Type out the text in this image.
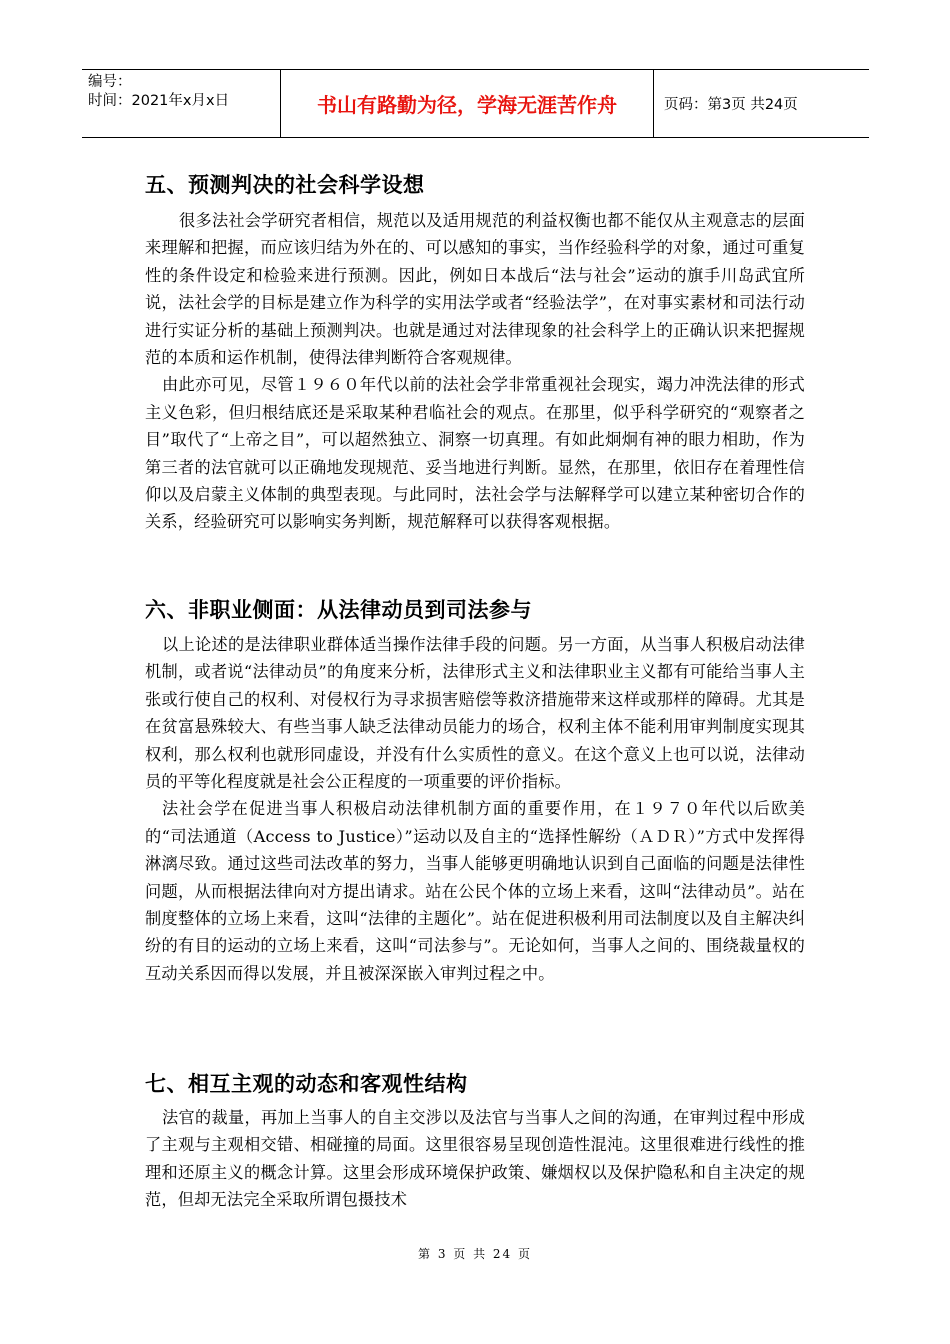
编号：
时间：2021年x月x日	书山有路勤为径，学海无涯苦作舟	页码：第3页 共24页
五、预测判决的社会科学设想

很多法社会学研究者相信，规范以及适用规范的利益权衡也都不能仅从主观意志的层面来理解和把握，而应该归结为外在的、可以感知的事实，当作经验科学的对象，通过可重复性的条件设定和检验来进行预测。因此，例如日本战后“法与社会”运动的旗手川岛武宜所说，法社会学的目标是建立作为科学的实用法学或者“经验法学”，在对事实素材和司法行动进行实证分析的基础上预测判决。也就是通过对法律现象的社会科学上的正确认识来把握规范的本质和运作机制，使得法律判断符合客观规律。

由此亦可见，尽管１９６０年代以前的法社会学非常重视社会现实，竭力冲洗法律的形式主义色彩，但归根结底还是采取某种君临社会的观点。在那里，似乎科学研究的“观察者之目”取代了“上帝之目”，可以超然独立、洞察一切真理。有如此炯炯有神的眼力相助，作为第三者的法官就可以正确地发现规范、妥当地进行判断。显然，在那里，依旧存在着理性信仰以及启蒙主义体制的典型表现。与此同时，法社会学与法解释学可以建立某种密切合作的关系，经验研究可以影响实务判断，规范解释可以获得客观根据。

六、非职业侧面：从法律动员到司法参与

以上论述的是法律职业群体适当操作法律手段的问题。另一方面，从当事人积极启动法律机制，或者说“法律动员”的角度来分析，法律形式主义和法律职业主义都有可能给当事人主张或行使自己的权利、对侵权行为寻求损害赔偿等救济措施带来这样或那样的障碍。尤其是在贫富悬殊较大、有些当事人缺乏法律动员能力的场合，权利主体不能利用审判制度实现其权利，那么权利也就形同虚设，并没有什么实质性的意义。在这个意义上也可以说，法律动员的平等化程度就是社会公正程度的一项重要的评价指标。

法社会学在促进当事人积极启动法律机制方面的重要作用，在１９７０年代以后欧美的“司法通道（Access to Justice）”运动以及自主的“选择性解纷（ＡＤＲ）”方式中发挥得淋漓尽致。通过这些司法改革的努力，当事人能够更明确地认识到自己面临的问题是法律性问题，从而根据法律向对方提出请求。站在公民个体的立场上来看，这叫“法律动员”。站在制度整体的立场上来看，这叫“法律的主题化”。站在促进积极利用司法制度以及自主解决纠纷的有目的运动的立场上来看，这叫“司法参与”。无论如何，当事人之间的、围绕裁量权的互动关系因而得以发展，并且被深深嵌入审判过程之中。

七、相互主观的动态和客观性结构

法官的裁量，再加上当事人的自主交涉以及法官与当事人之间的沟通，在审判过程中形成了主观与主观相交错、相碰撞的局面。这里很容易呈现创造性混沌。这里很难进行线性的推理和还原主义的概念计算。这里会形成环境保护政策、嫌烟权以及保护隐私和自主决定的规范，但却无法完全采取所谓包摄技术

第 3 页 共 24 页
